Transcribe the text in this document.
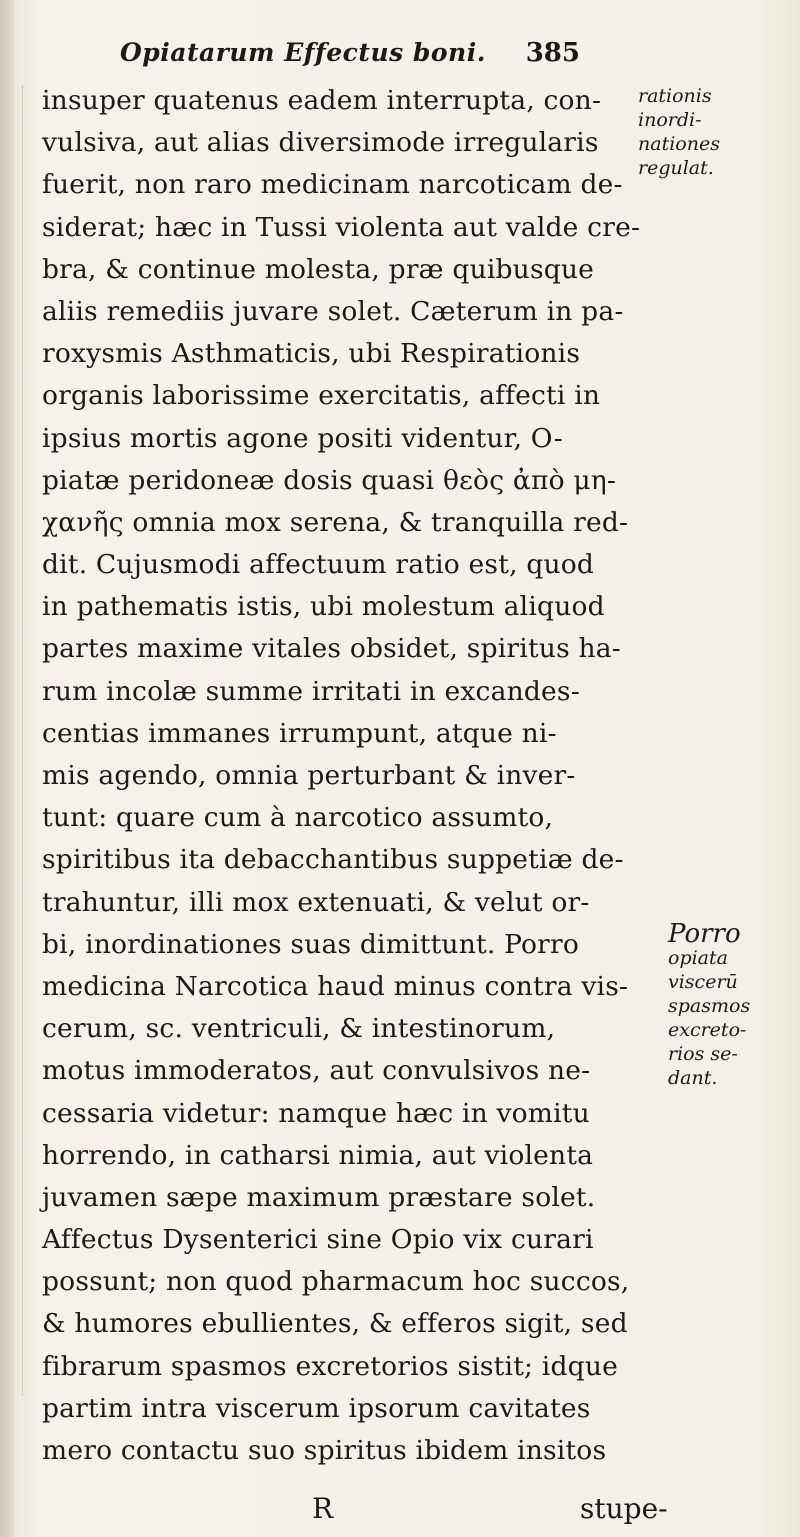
Opiatarum Effectus boni. 385
insuper quatenus eadem interrupta, con-
vulsiva, aut alias diversimode irregularis
fuerit, non raro medicinam narcoticam de-
siderat; hæc in Tussi violenta aut valde cre-
bra, & continue molesta, præ quibusque
aliis remediis juvare solet. Cæterum in pa-
roxysmis Asthmaticis, ubi Respirationis
organis laborissime exercitatis, affecti in
ipsius mortis agone positi videntur, O-
piatæ peridoneæ dosis quasi θεὸς ἀπὸ μη-
χανῆς omnia mox serena, & tranquilla red-
dit. Cujusmodi affectuum ratio est, quod
in pathematis istis, ubi molestum aliquod
partes maxime vitales obsidet, spiritus ha-
rum incolæ summe irritati in excandes-
centias immanes irrumpunt, atque ni-
mis agendo, omnia perturbant & inver-
tunt: quare cum à narcotico assumto,
spiritibus ita debacchantibus suppetiæ de-
trahuntur, illi mox extenuati, & velut or-
bi, inordinationes suas dimittunt. Porro
medicina Narcotica haud minus contra vis-
cerum, sc. ventriculi, & intestinorum,
motus immoderatos, aut convulsivos ne-
cessaria videtur: namque hæc in vomitu
horrendo, in catharsi nimia, aut violenta
juvamen sæpe maximum præstare solet.
Affectus Dysenterici sine Opio vix curari
possunt; non quod pharmacum hoc succos,
& humores ebullientes, & efferos sigit, sed
fibrarum spasmos excretorios sistit; idque
partim intra viscerum ipsorum cavitates
mero contactu suo spiritus ibidem insitos
R	stupe-
rationis
inordi-
nationes
regulat.
Porro
opiata
viscerū
spasmos
excreto-
rios se-
dant.
